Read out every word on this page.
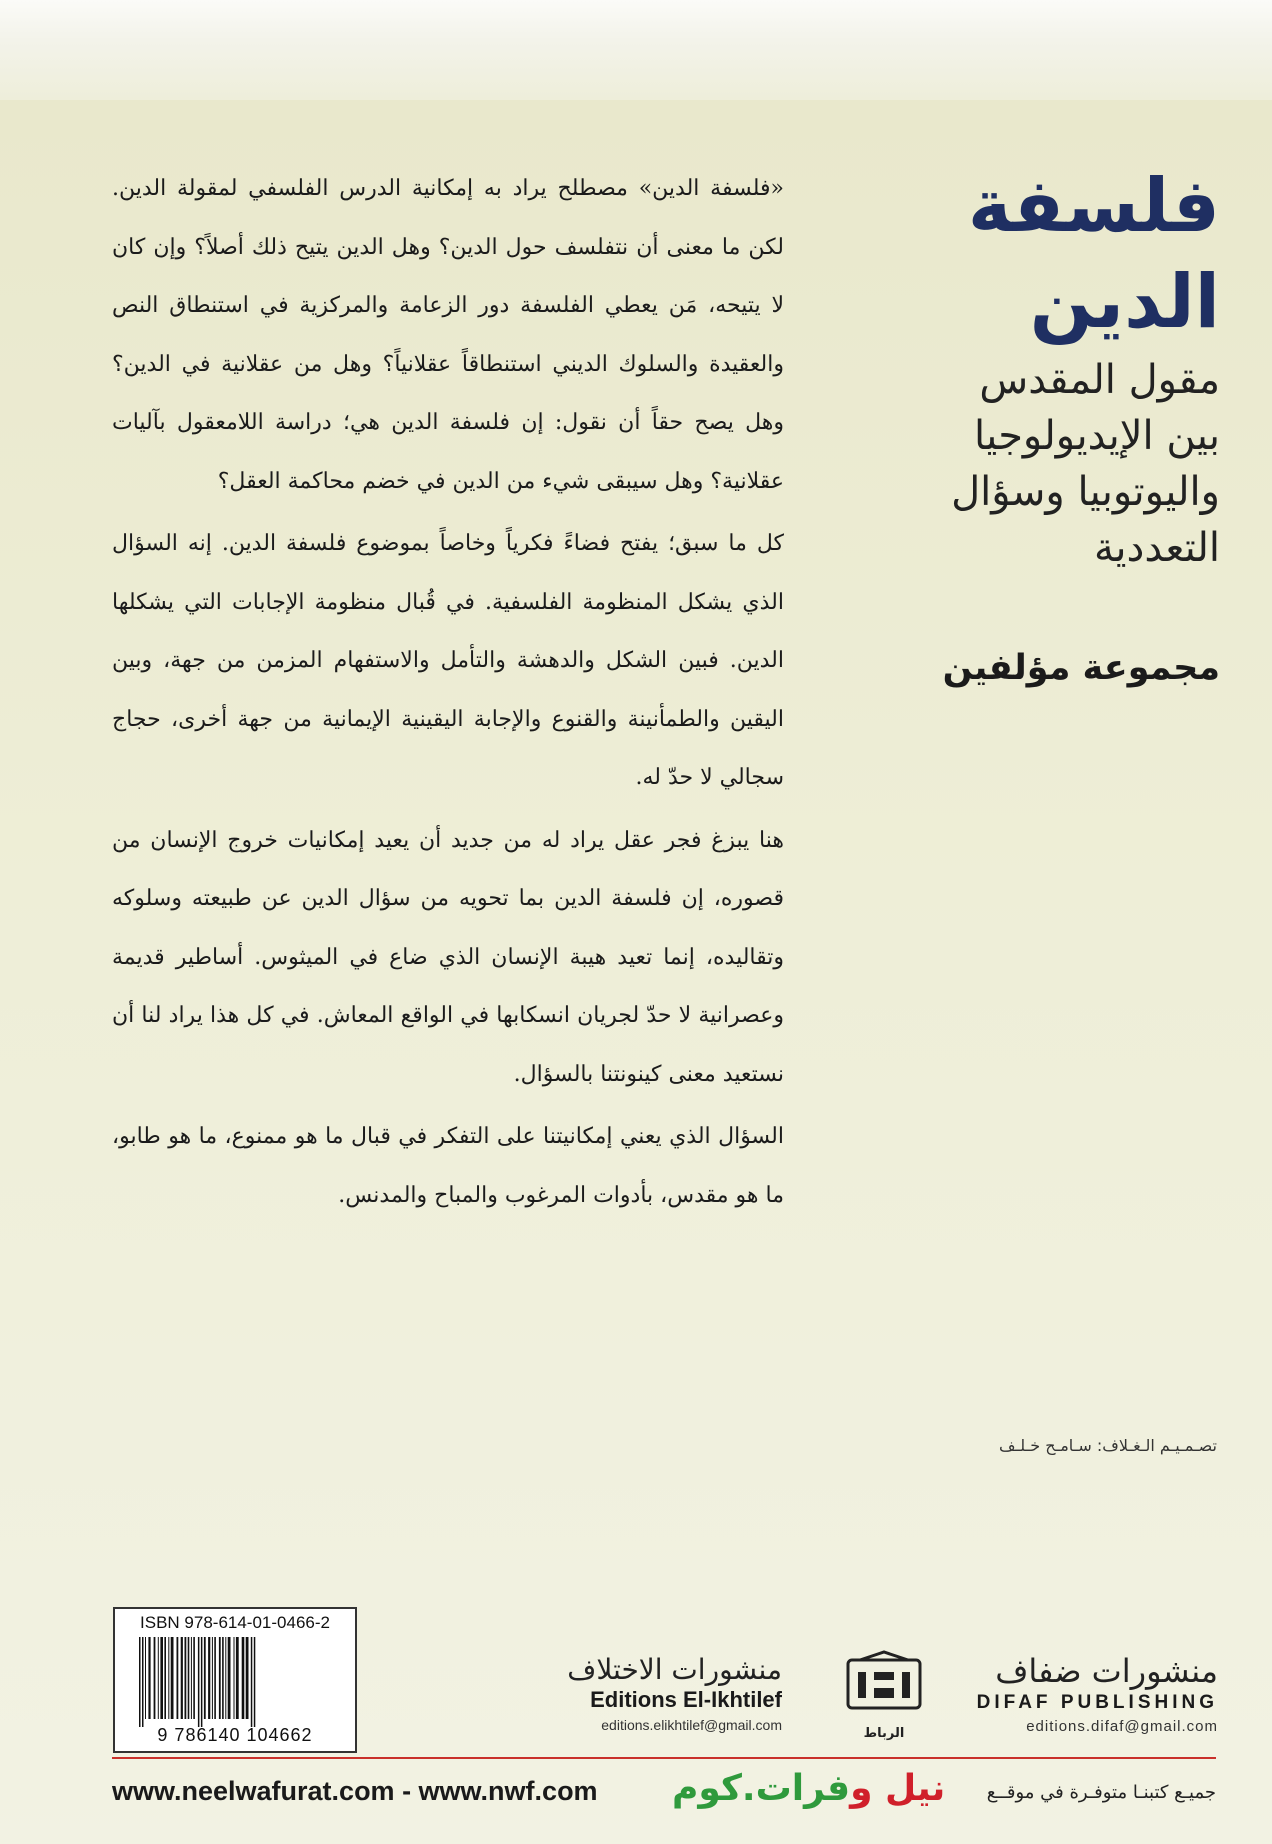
فلسفة
الدين
مقول المقدس
بين الإيديولوجيا
واليوتوبيا وسؤال
التعددية
مجموعة مؤلفين
تصـمـيـم الـغـلاف: سـامـح خـلـف

«فلسفة الدين» مصطلح يراد به إمكانية الدرس الفلسفي لمقولة الدين. لكن ما معنى أن نتفلسف حول الدين؟ وهل الدين يتيح ذلك أصلاً؟ وإن كان لا يتيحه، مَن يعطي الفلسفة دور الزعامة والمركزية في استنطاق النص والعقيدة والسلوك الديني استنطاقاً عقلانياً؟ وهل من عقلانية في الدين؟ وهل يصح حقاً أن نقول: إن فلسفة الدين هي؛ دراسة اللامعقول بآليات عقلانية؟ وهل سيبقى شيء من الدين في خضم محاكمة العقل؟

كل ما سبق؛ يفتح فضاءً فكرياً وخاصاً بموضوع فلسفة الدين. إنه السؤال الذي يشكل المنظومة الفلسفية. في قُبال منظومة الإجابات التي يشكلها الدين. فبين الشكل والدهشة والتأمل والاستفهام المزمن من جهة، وبين اليقين والطمأنينة والقنوع والإجابة اليقينية الإيمانية من جهة أخرى، حجاج سجالي لا حدّ له.

هنا يبزغ فجر عقل يراد له من جديد أن يعيد إمكانيات خروج الإنسان من قصوره، إن فلسفة الدين بما تحويه من سؤال الدين عن طبيعته وسلوكه وتقاليده، إنما تعيد هيبة الإنسان الذي ضاع في الميثوس. أساطير قديمة وعصرانية لا حدّ لجريان انسكابها في الواقع المعاش. في كل هذا يراد لنا أن نستعيد معنى كينونتنا بالسؤال.

السؤال الذي يعني إمكانيتنا على التفكر في قبال ما هو ممنوع، ما هو طابو، ما هو مقدس، بأدوات المرغوب والمباح والمدنس.

ISBN 978-614-01-0466-2
9 786140 104662
منشورات الاختلاف
Editions El-Ikhtilef
editions.elikhtilef@gmail.com
الرباط
منشورات ضفاف
DIFAF PUBLISHING
editions.difaf@gmail.com
www.neelwafurat.com - www.nwf.com	نيل وفرات.كوم	جميـع كتبنـا متوفـرة في موقــع
